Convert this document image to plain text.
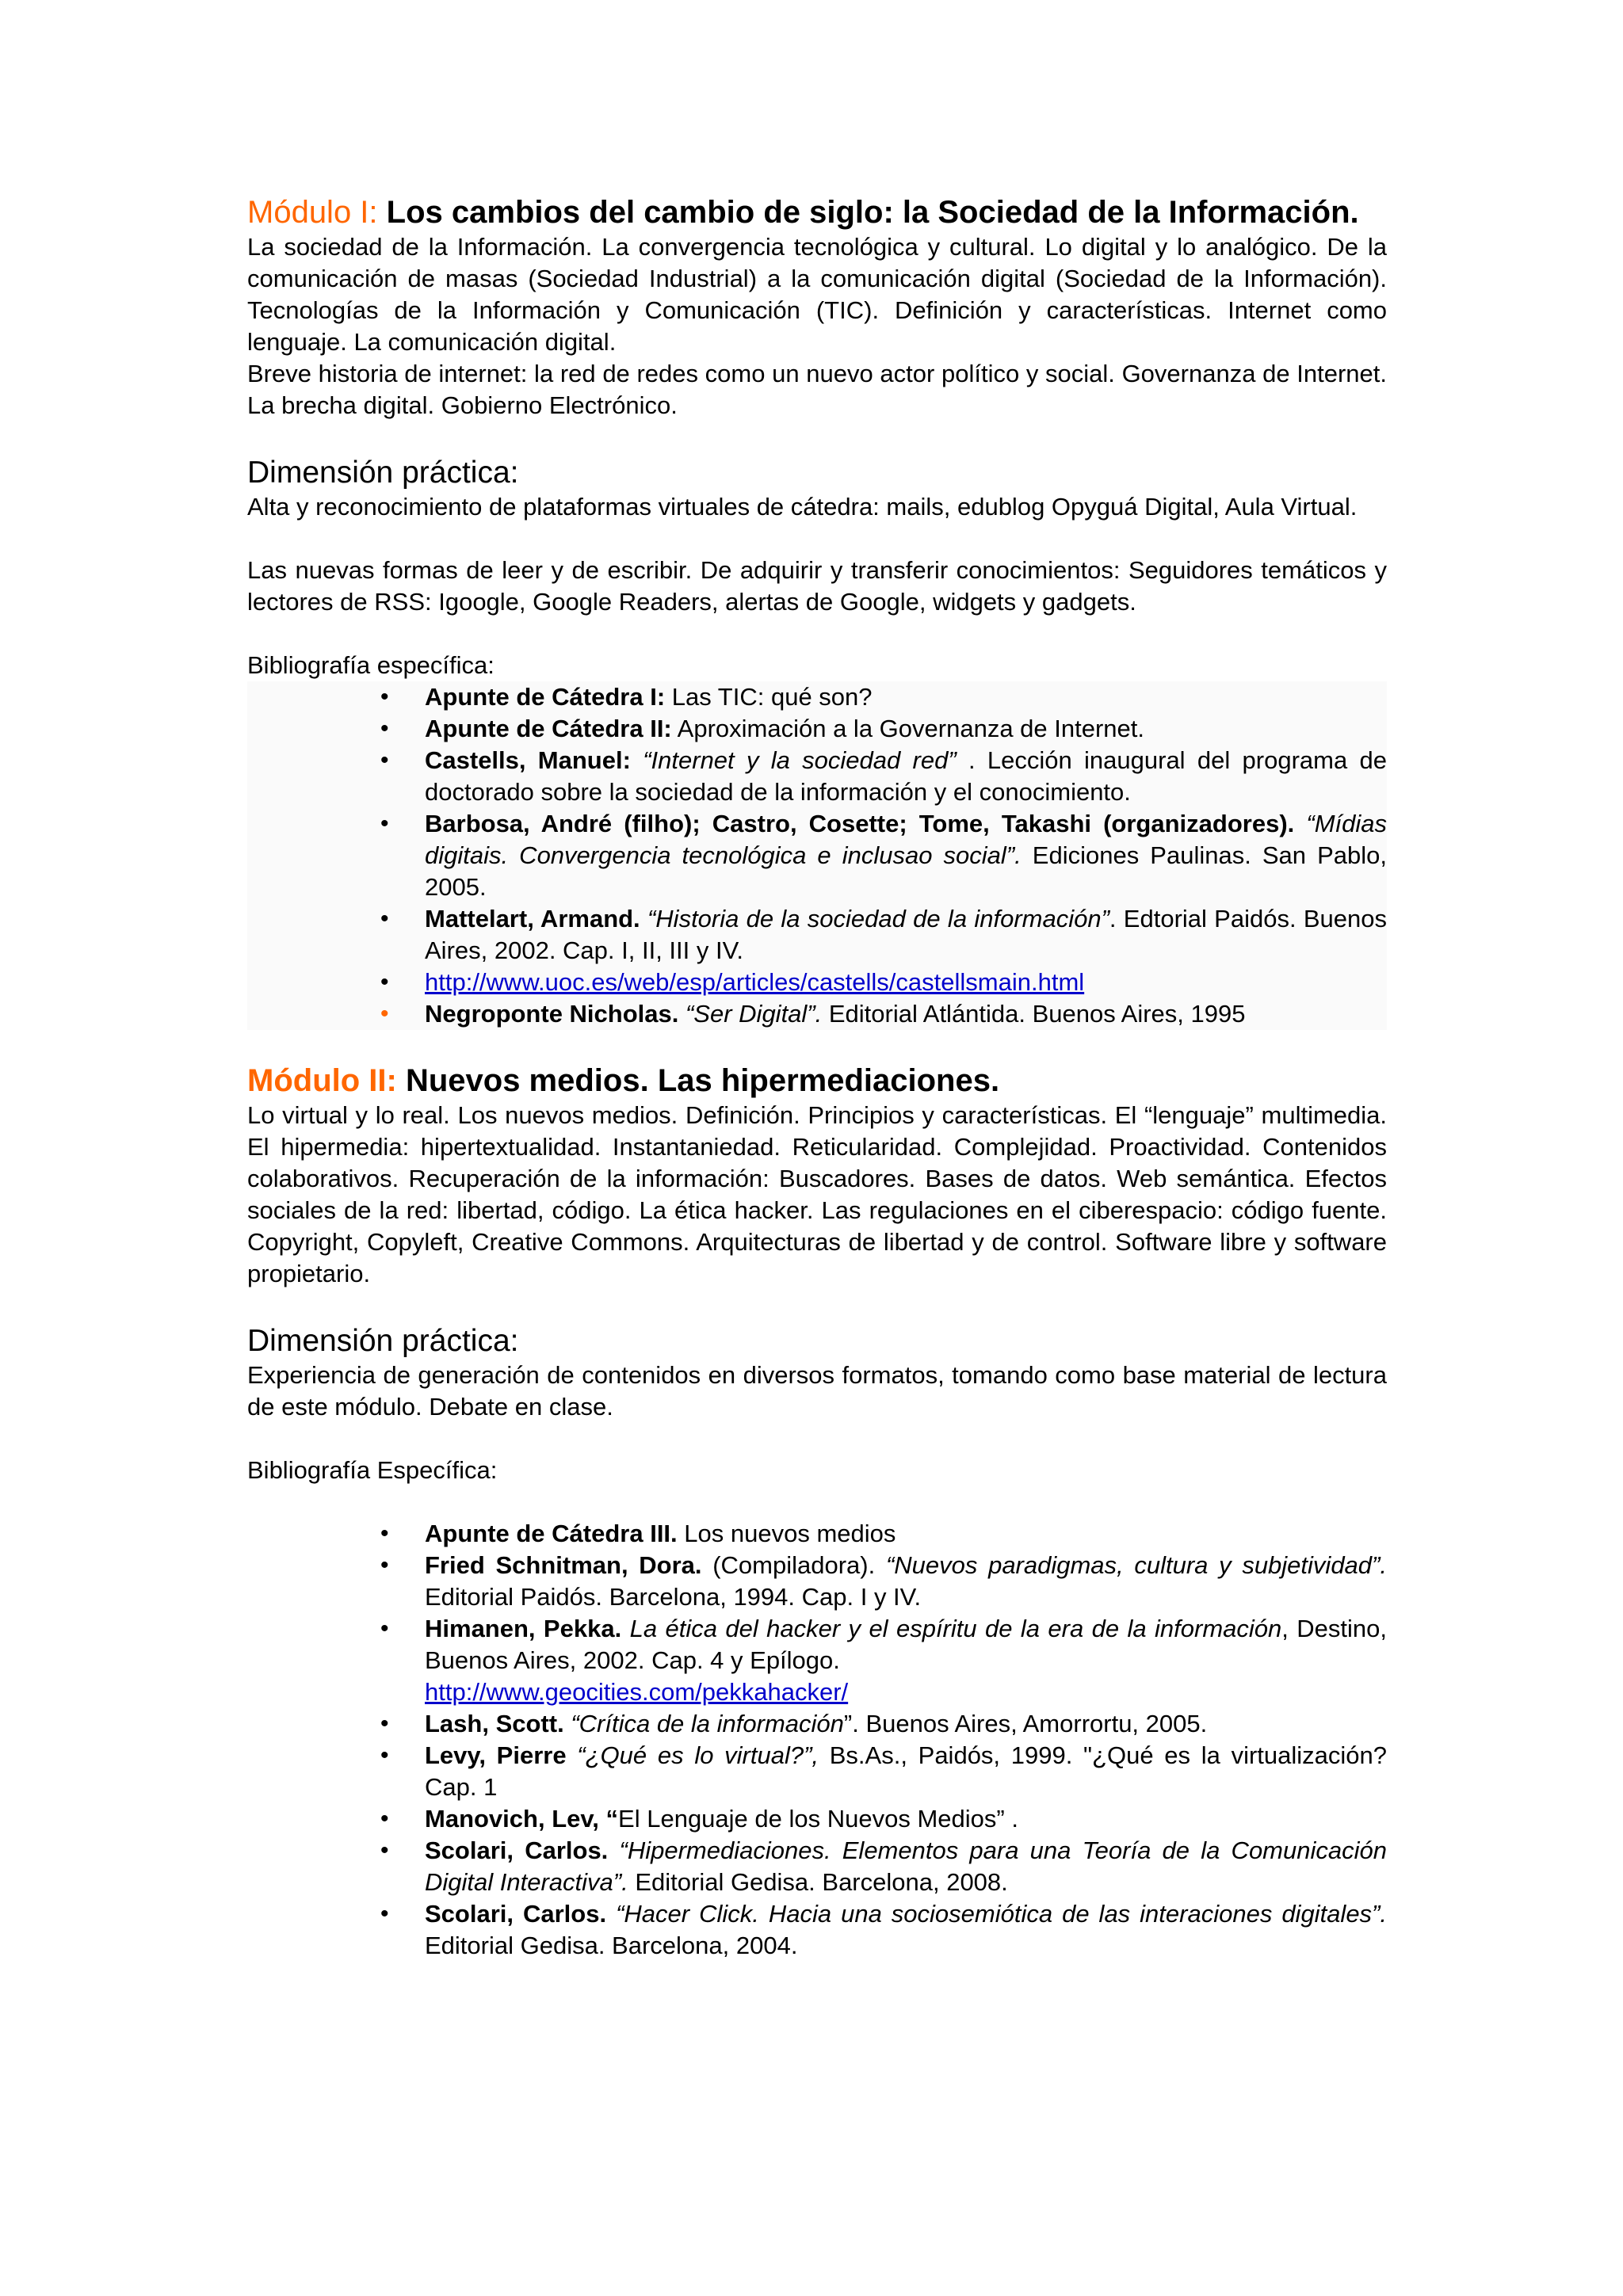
Módulo I: Los cambios del cambio de siglo: la Sociedad de la Información.

La sociedad de la Información. La convergencia tecnológica y cultural. Lo digital y lo analógico. De la comunicación de masas (Sociedad Industrial) a la comunicación digital (Sociedad de la Información). Tecnologías de la Información y Comunicación (TIC). Definición y características. Internet como lenguaje. La comunicación digital.

Breve historia de internet: la red de redes como un nuevo actor político y social. Governanza de Internet. La brecha digital. Gobierno Electrónico.

Dimensión práctica:

Alta y reconocimiento de plataformas virtuales de cátedra: mails, edublog Opyguá Digital, Aula Virtual.

Las nuevas formas de leer y de escribir. De adquirir y transferir conocimientos: Seguidores temáticos y lectores de RSS: Igoogle, Google Readers, alertas de Google, widgets y gadgets.

Bibliografía específica:

• Apunte de Cátedra I: Las TIC: qué son?
• Apunte de Cátedra II: Aproximación a la Governanza de Internet.
• Castells, Manuel: “Internet y la sociedad red” . Lección inaugural del programa de doctorado sobre la sociedad de la información y el conocimiento.
• Barbosa, André (filho); Castro, Cosette; Tome, Takashi (organizadores). “Mídias digitais. Convergencia tecnológica e inclusao social”. Ediciones Paulinas. San Pablo, 2005.
• Mattelart, Armand. “Historia de la sociedad de la información”. Edtorial Paidós. Buenos Aires, 2002. Cap. I, II, III y IV.
• http://www.uoc.es/web/esp/articles/castells/castellsmain.html
• Negroponte Nicholas. “Ser Digital”. Editorial Atlántida. Buenos Aires, 1995
Módulo II: Nuevos medios. Las hipermediaciones.

Lo virtual y lo real. Los nuevos medios. Definición. Principios y características. El “lenguaje” multimedia. El hipermedia: hipertextualidad. Instantaniedad. Reticularidad. Complejidad. Proactividad. Contenidos colaborativos. Recuperación de la información: Buscadores. Bases de datos. Web semántica. Efectos sociales de la red: libertad, código. La ética hacker. Las regulaciones en el ciberespacio: código fuente. Copyright, Copyleft, Creative Commons. Arquitecturas de libertad y de control. Software libre y software propietario.

Dimensión práctica:

Experiencia de generación de contenidos en diversos formatos, tomando como base material de lectura de este módulo. Debate en clase.

Bibliografía Específica:

• Apunte de Cátedra III. Los nuevos medios
• Fried Schnitman, Dora. (Compiladora). “Nuevos paradigmas, cultura y subjetividad”. Editorial Paidós. Barcelona, 1994. Cap. I y IV.
• Himanen, Pekka. La ética del hacker y el espíritu de la era de la información, Destino, Buenos Aires, 2002. Cap. 4 y Epílogo.
http://www.geocities.com/pekkahacker/
• Lash, Scott. “Crítica de la información”. Buenos Aires, Amorrortu, 2005.
• Levy, Pierre “¿Qué es lo virtual?”, Bs.As., Paidós, 1999. "¿Qué es la virtualización? Cap. 1
• Manovich, Lev, “El Lenguaje de los Nuevos Medios” .
• Scolari, Carlos. “Hipermediaciones. Elementos para una Teoría de la Comunicación Digital Interactiva”. Editorial Gedisa. Barcelona, 2008.
• Scolari, Carlos. “Hacer Click. Hacia una sociosemiótica de las interaciones digitales”. Editorial Gedisa. Barcelona, 2004.
